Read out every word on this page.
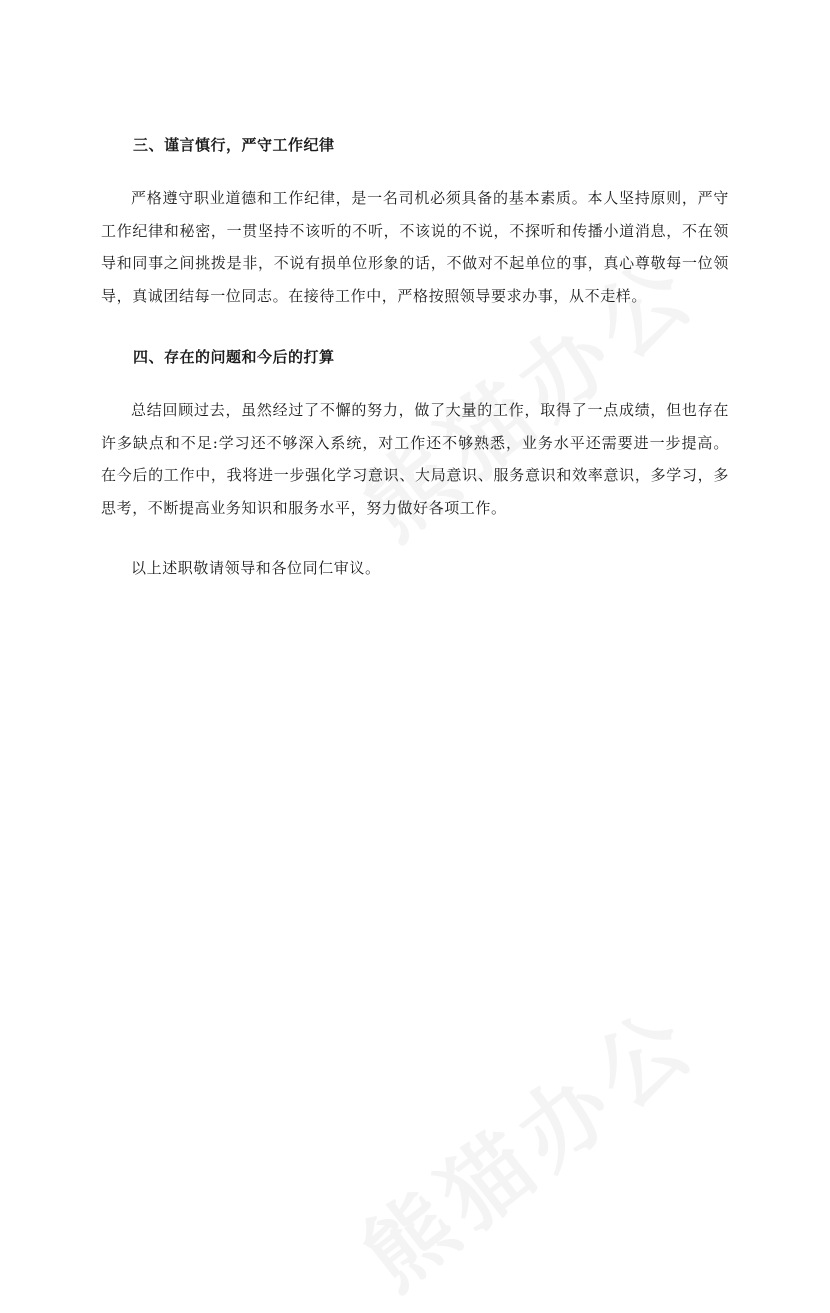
三、谨言慎行，严守工作纪律

严格遵守职业道德和工作纪律，是一名司机必须具备的基本素质。本人坚持原则，严守工作纪律和秘密，一贯坚持不该听的不听，不该说的不说，不探听和传播小道消息，不在领导和同事之间挑拨是非，不说有损单位形象的话，不做对不起单位的事，真心尊敬每一位领导，真诚团结每一位同志。在接待工作中，严格按照领导要求办事，从不走样。

四、存在的问题和今后的打算

总结回顾过去，虽然经过了不懈的努力，做了大量的工作，取得了一点成绩，但也存在许多缺点和不足:学习还不够深入系统，对工作还不够熟悉，业务水平还需要进一步提高。在今后的工作中，我将进一步强化学习意识、大局意识、服务意识和效率意识，多学习，多思考，不断提高业务知识和服务水平，努力做好各项工作。

以上述职敬请领导和各位同仁审议。
